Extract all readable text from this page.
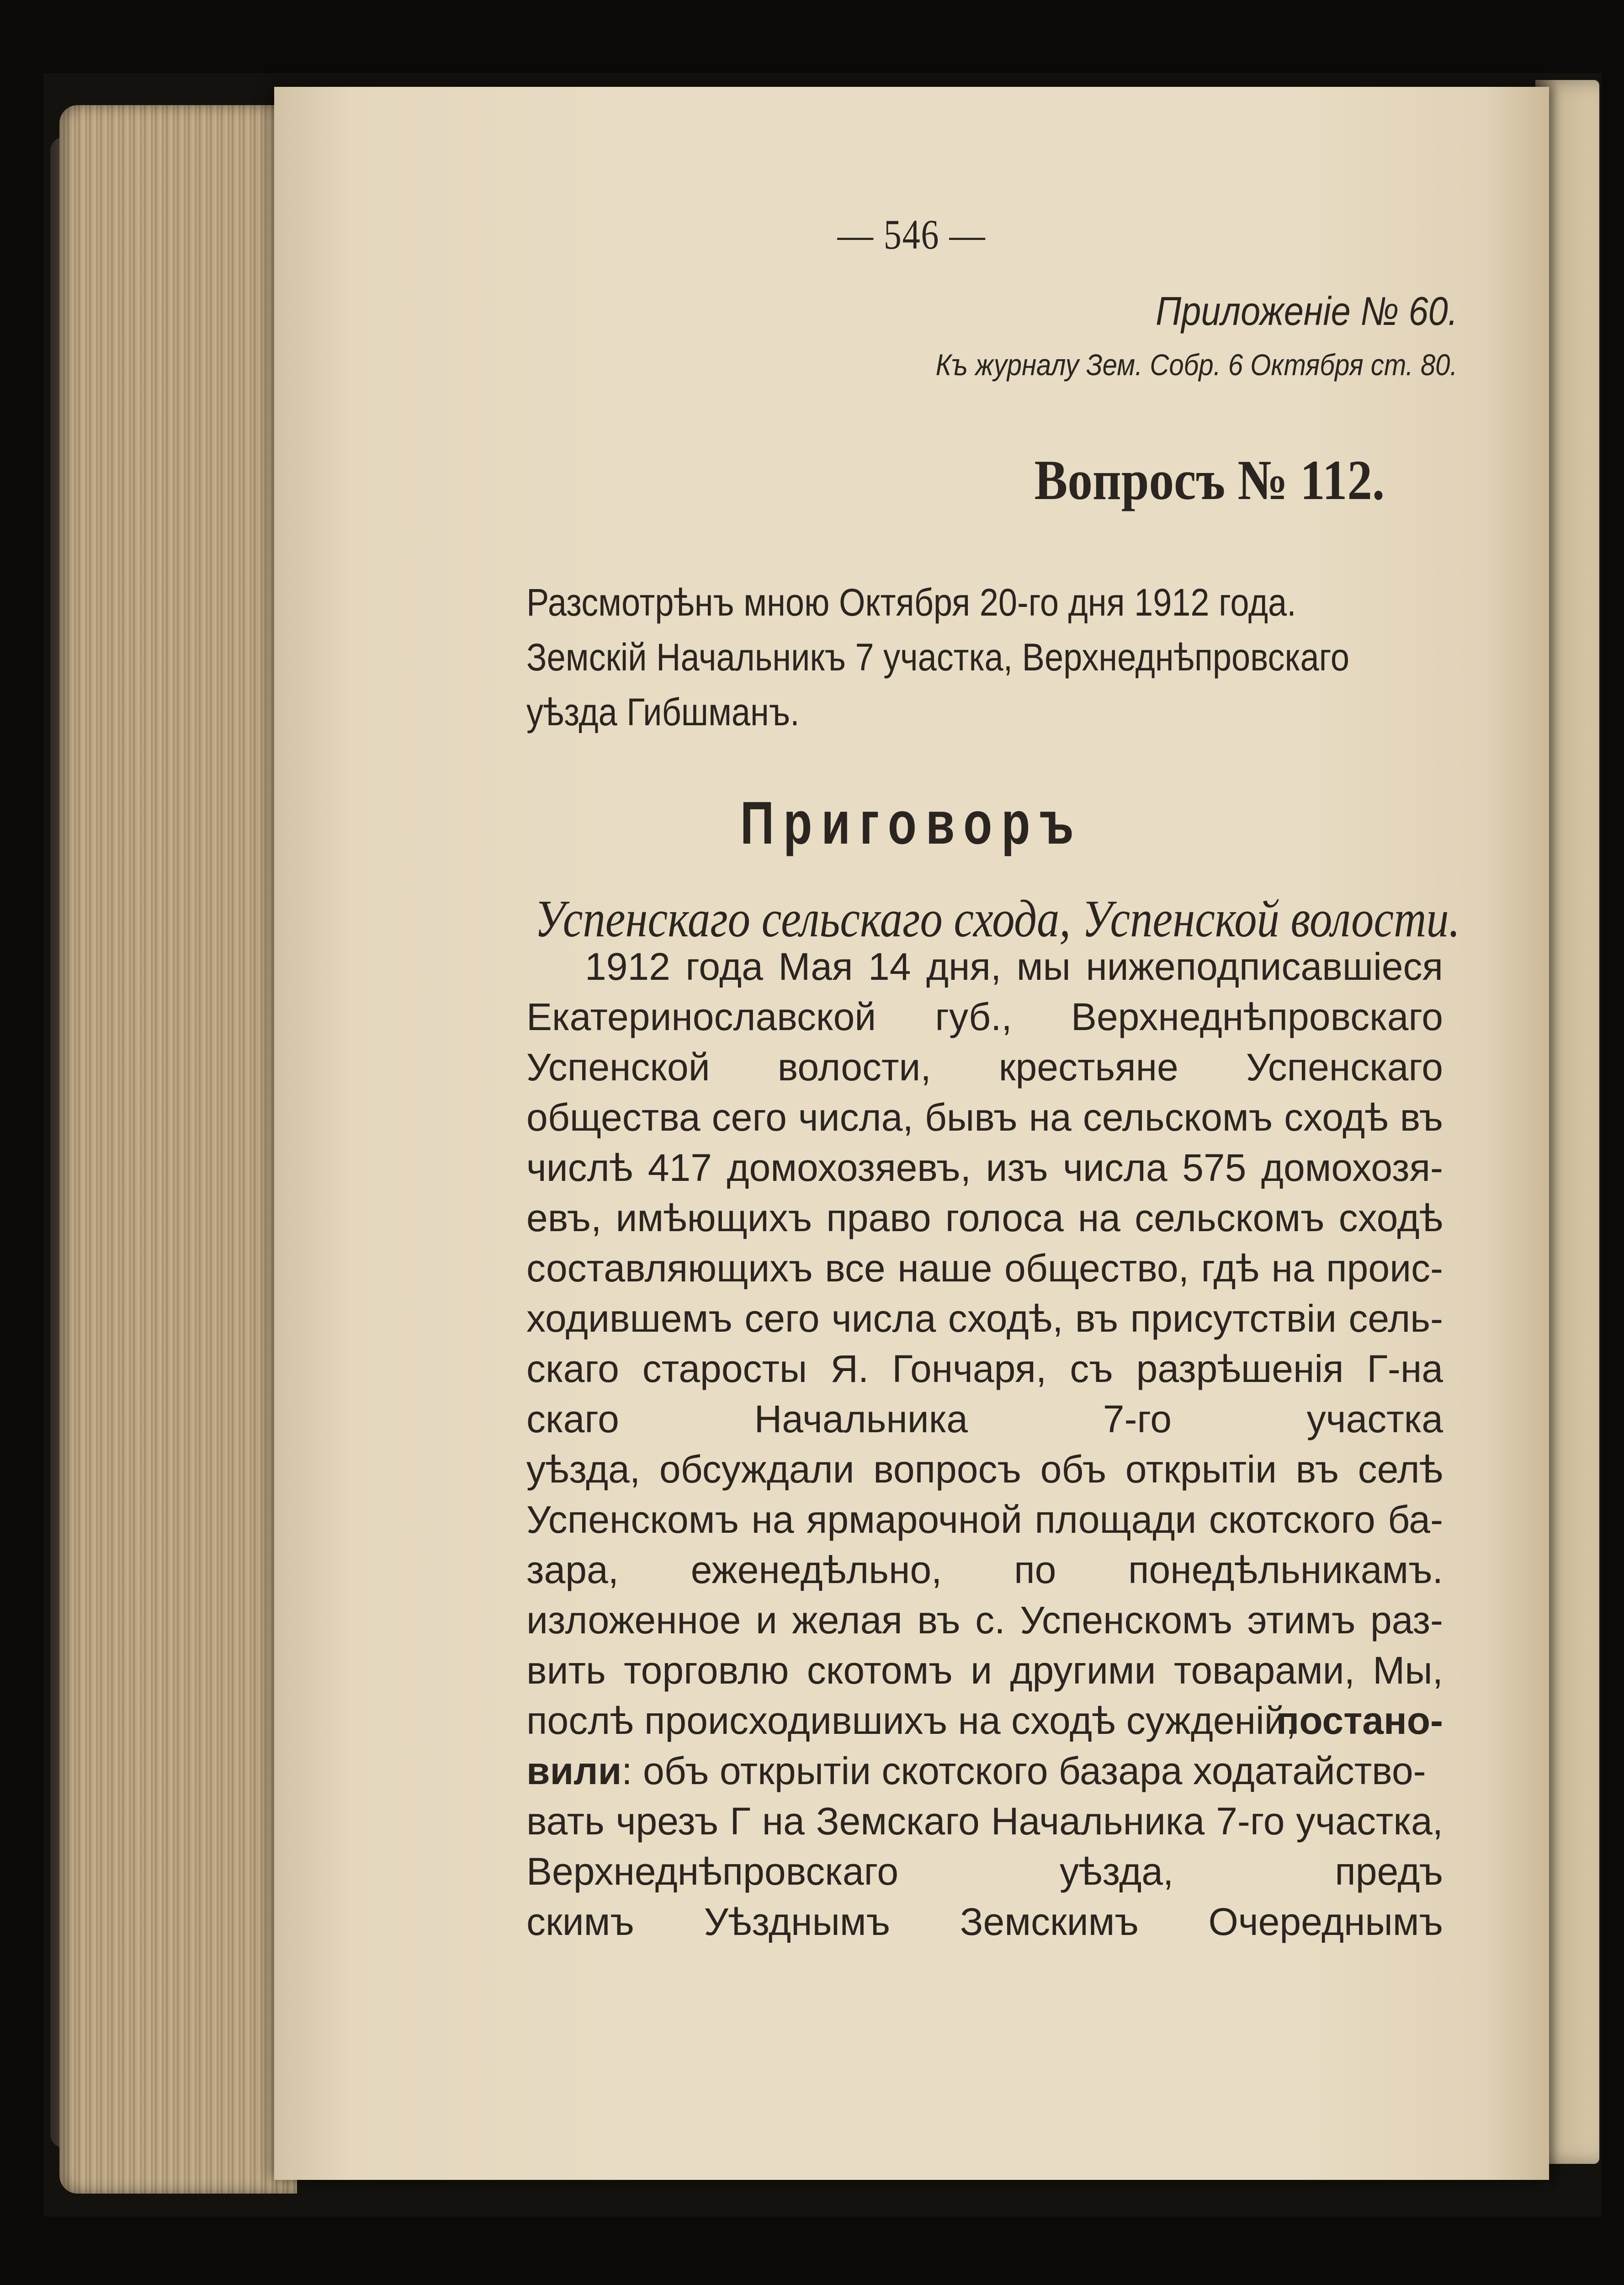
— 546 —
Приложеніе № 60.
Къ журналу Зем. Собр. 6 Октября ст. 80.
Вопросъ № 112.
Разсмотрѣнъ мною Октября 20-го дня 1912 года.
Земскій Начальникъ 7 участка, Верхнеднѣпровскаго
уѣзда Гибшманъ.
Приговоръ
Успенскаго сельскаго схода, Успенской волости.
1912 года Мая 14 дня, мы нижеподписавшіеся
Екатеринославской губ., Верхнеднѣпровскаго
Успенской волости, крестьяне Успенскаго
общества сего числа, бывъ на сельскомъ сходѣ въ
числѣ 417 домохозяевъ, изъ числа 575 домохозя-
евъ, имѣющихъ право голоса на сельскомъ сходѣ
составляющихъ все наше общество, гдѣ на проис-
ходившемъ сего числа сходѣ, въ присутствіи сель-
скаго старосты Я. Гончаря, съ разрѣшенія Г-на
скаго Начальника 7-го участка
уѣзда, обсуждали вопросъ объ открытіи въ селѣ
Успенскомъ на ярмарочной площади скотского ба-
зара, еженедѣльно, по понедѣльникамъ.
изложенное и желая въ с. Успенскомъ этимъ раз-
вить торговлю скотомъ и другими товарами, Мы,
послѣ происходившихъ на сходѣ сужденій,
постано-
вили: объ открытіи скотского базара ходатайство-
вать чрезъ Г на Земскаго Начальника 7-го участка,
Верхнеднѣпровскаго уѣзда, предъ
скимъ Уѣзднымъ Земскимъ Очереднымъ
